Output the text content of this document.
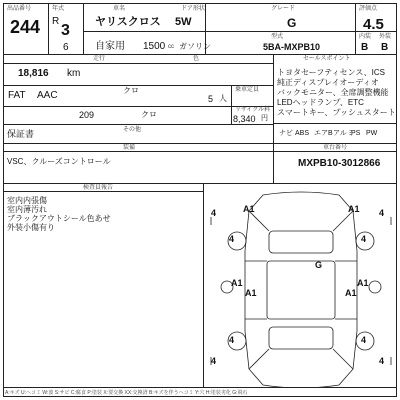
出品番号
244
年式
R
3
6
車名
ヤリスクロス
ドア形状
5W
グレード
G
評価点
4.5
自家用 1500 cc ガソリン
型式
5BA-MXPB10
内装 外装
B B
走行
18,816 km
色
FAT AAC	クロ	乗車定員
5 人
209	クロ	リサイクル料
8,340 円
保証書	その他
セールスポイント
トヨタセーフティセンス、ICS
純正ディスプレイオーディオ
バックモニター、全席調整機能
LEDヘッドランプ、ETC
スマートキー、プッシュスタート
ナビ ABS エアB アルミ
PS PW
装備
VSC、クルーズコントロール
車台番号
MXPB10-3012866
検査員報告
室内内張傷
室内薄汚れ
ブラックアウトシール色あせ
外装小傷有り
A1	A1
4	4
4	4
G
A1	A1
A1	A1
4	4
4	4
A:キズ U:ヘコミ W:波 S:サビ C:腐食 P:塗装 X:要交換 XX:交換済 B:キズを伴うヘコミ Y:穴 H:塗装劣化 G:飛石
